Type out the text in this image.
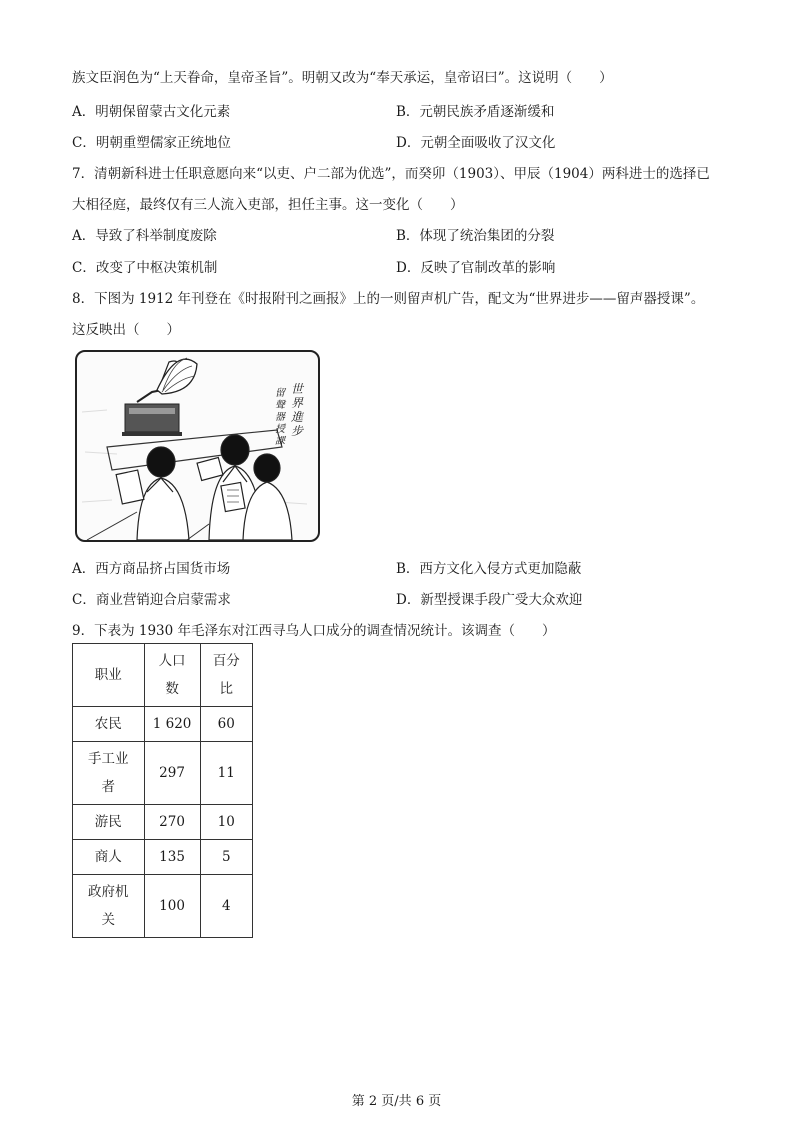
族文臣润色为“上天眷命，皇帝圣旨”。明朝又改为“奉天承运，皇帝诏曰”。这说明（　　）
A．明朝保留蒙古文化元素	B．元朝民族矛盾逐渐缓和
C．明朝重塑儒家正统地位	D．元朝全面吸收了汉文化
7．清朝新科进士任职意愿向来“以吏、户二部为优选”，而癸卯（1903）、甲辰（1904）两科进士的选择已
大相径庭，最终仅有三人流入吏部，担任主事。这一变化（　　）
A．导致了科举制度废除	B．体现了统治集团的分裂
C．改变了中枢决策机制	D．反映了官制改革的影响
8．下图为 1912 年刊登在《时报附刊之画报》上的一则留声机广告，配文为“世界进步——留声器授课”。
这反映出（　　）
世界進步
留聲器授課
A．西方商品挤占国货市场	B．西方文化入侵方式更加隐蔽
C．商业营销迎合启蒙需求	D．新型授课手段广受大众欢迎
9．下表为 1930 年毛泽东对江西寻乌人口成分的调查情况统计。该调查（　　）
职业	人口数	百分比

农民	1 620	60

手工业者	297	11
游民	270	10
商人	135	5

政府机关	100	4
第 2 页/共 6 页
